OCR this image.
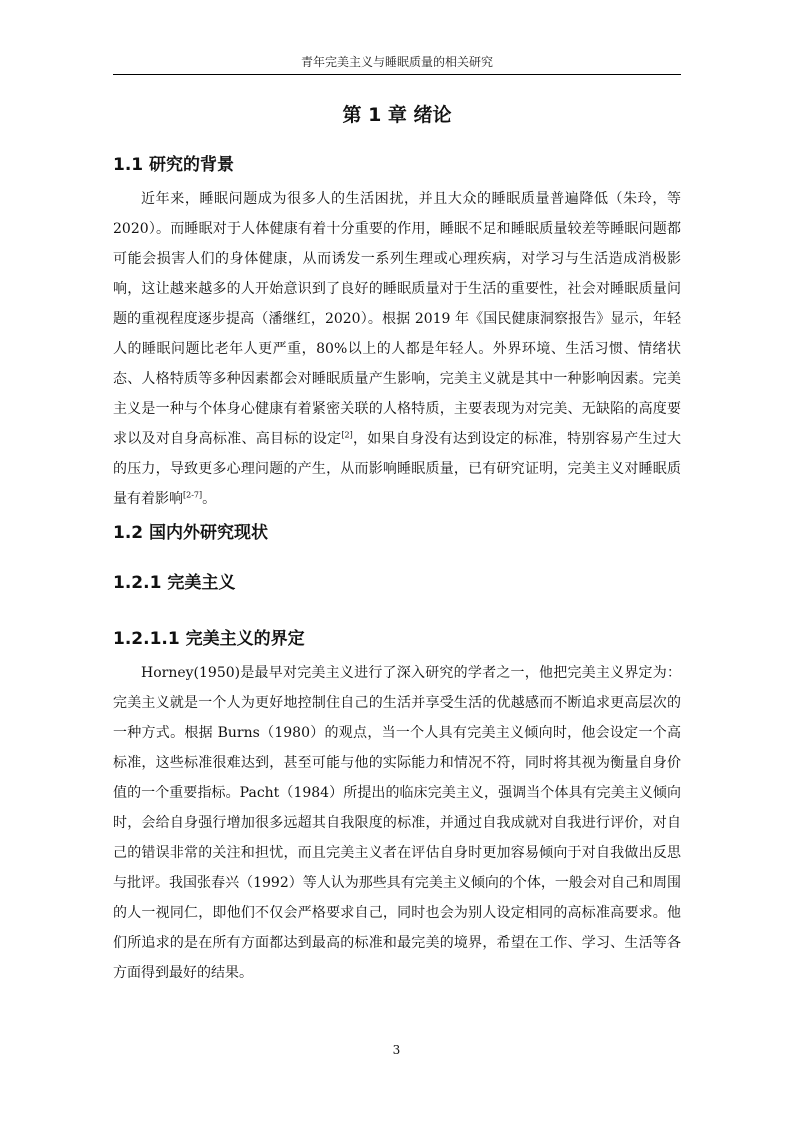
青年完美主义与睡眠质量的相关研究
第 1 章 绪论
1.1 研究的背景

近年来，睡眠问题成为很多人的生活困扰，并且大众的睡眠质量普遍降低（朱玲，等 2020）。而睡眠对于人体健康有着十分重要的作用，睡眠不足和睡眠质量较差等睡眠问题都可能会损害人们的身体健康，从而诱发一系列生理或心理疾病，对学习与生活造成消极影响，这让越来越多的人开始意识到了良好的睡眠质量对于生活的重要性，社会对睡眠质量问题的重视程度逐步提高（潘继红，2020）。根据 2019 年《国民健康洞察报告》显示，年轻人的睡眠问题比老年人更严重，80%以上的人都是年轻人。外界环境、生活习惯、情绪状态、人格特质等多种因素都会对睡眠质量产生影响，完美主义就是其中一种影响因素。完美主义是一种与个体身心健康有着紧密关联的人格特质，主要表现为对完美、无缺陷的高度要求以及对自身高标准、高目标的设定[2]，如果自身没有达到设定的标准，特别容易产生过大的压力，导致更多心理问题的产生，从而影响睡眠质量，已有研究证明，完美主义对睡眠质量有着影响[2-7]。

1.2 国内外研究现状
1.2.1 完美主义
1.2.1.1 完美主义的界定

Horney(1950)是最早对完美主义进行了深入研究的学者之一，他把完美主义界定为：完美主义就是一个人为更好地控制住自己的生活并享受生活的优越感而不断追求更高层次的一种方式。根据 Burns（1980）的观点，当一个人具有完美主义倾向时，他会设定一个高标准，这些标准很难达到，甚至可能与他的实际能力和情况不符，同时将其视为衡量自身价值的一个重要指标。Pacht（1984）所提出的临床完美主义，强调当个体具有完美主义倾向时，会给自身强行增加很多远超其自我限度的标准，并通过自我成就对自我进行评价，对自己的错误非常的关注和担忧，而且完美主义者在评估自身时更加容易倾向于对自我做出反思与批评。我国张春兴（1992）等人认为那些具有完美主义倾向的个体，一般会对自己和周围的人一视同仁，即他们不仅会严格要求自己，同时也会为别人设定相同的高标准高要求。他们所追求的是在所有方面都达到最高的标准和最完美的境界，希望在工作、学习、生活等各方面得到最好的结果。

3
